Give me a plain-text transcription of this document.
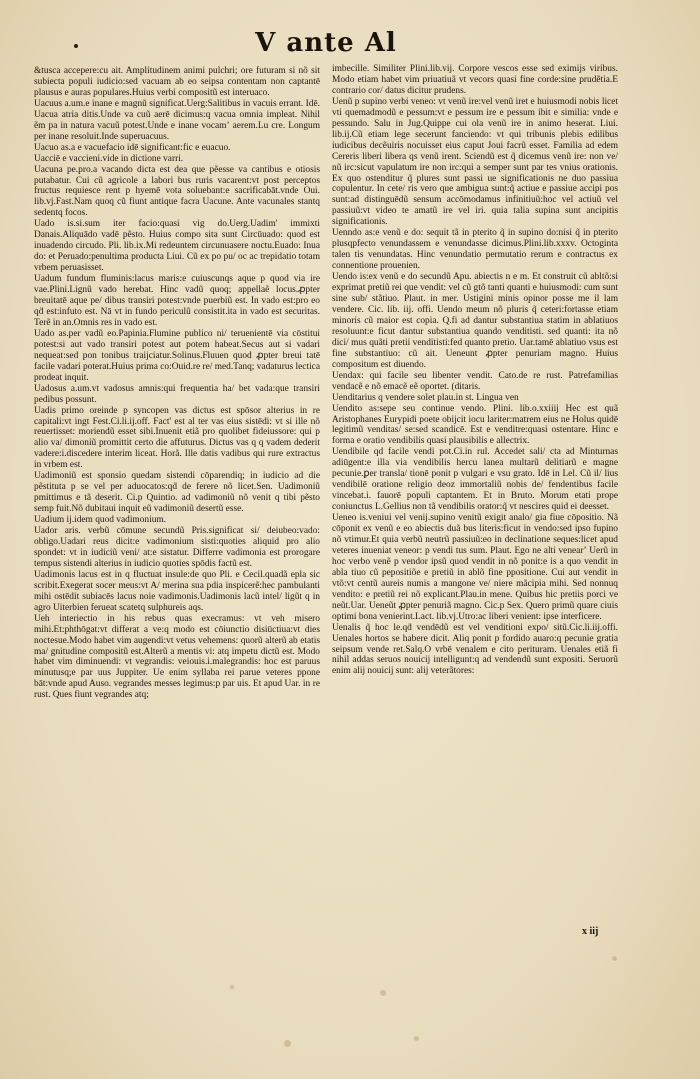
V ante Al

&tusca accepere:cu ait. Amplitudinem animi pulchri; ore futuram si nõ sit subiecta populi iudicio:sed vacuam ab eo seipsa contentam non captantē plausus e auras populares.Huius verbi compositũ est interuaco.

Uacuus a.um.e inane e magnũ significat.Uerg:Salitibus in vacuis errant. Idē. Uacua atria ditis.Unde va cuũ aerē dicimus:q vacua omnia impleat. Nihil ẽm pa in natura vacuũ potest.Unde e inane vocamʼ aerem.Lu cre. Longum per inane resoluit.Inde superuacuus.

Uacuo as.a e vacuefacio idē significant:fic e euacuo.

Uacciē e vaccieni.vide in dictione varri.

Uacuna pe.pro.a vacando dicta est dea que pẽesse va cantibus e otiosis putabatur. Cui cũ agricole a labori bus ruris vacarent:vt post perceptos fructus requiesce rent p hyemē vota soluebant:e sacrificabāt.vnde Oui. lib.vj.Fast.Nam quoq cũ fiunt antique facra Uacune. Ante vacunales stantq sedentq focos.

Uado is.si.sum iter facio:quasi vig do.Uerg.Uadim' immixti Danais.Aliquādo vadē pẽsto. Huius compo sita sunt Circūuado: quod est inuadendo circudo. Pli. lib.ix.Mi redeuntem circunuasere noctu.Euado: Inua do: et Peruado:penultima producta Liui. Cũ ex po pu/ oc ac trepidatio totam vrbem peruasisset.

Uadum fundum fluminis:lacus maris:e cuiuscunqs aque p quod via ire vae.Plini.Lignũ vado herebat. Hinc vadũ quoq; appellaẽ locus.ꝓpter breuitatē aque pe/ dibus transiri potest:vnde puerbiũ est. In vado est:pro eo qḋ est:infuto est. Nā vt in fundo periculũ consistit.ita in vado est securitas. Terẽ in an.Omnis res in vado est.

Uado as.per vadũ eo.Papinia.Flumine publico ni/ teruenientē via cōstitui potest:si aut vado transiri potest aut potem habeat.Secus aut si vadari nequeat:sed pon tonibus traijciatur.Solinus.Fluuen quod ꝓpter breui tatē facile vadari poterat.Huius prima co:Ouid.re re/ med.Tanq; vadaturus lectica prodeat inquit.

Uadosus a.um.vt vadosus amnis:qui frequentia ha/ bet vada:que transiri pedibus possunt.

Uadis primo oreinde p syncopen vas dictus est spōsor alterius in re capitali:vt ingt Fest.Ci.li.ij.off. Fact' est al ter vas eius sistēdi: vt si ille nõ reuertisset: moriendũ esset sibi.Inuenit etiã pro quolibet fideiussore: qui p alio va/ dimoniũ promittit certo die affuturus. Dictus vas q q vadem dederit vadere:i.discedere interim liceat. Horã. Ille datis vadibus qui rure extractus in vrbem est.

Uadimoniũ est sponsio quedam sistendi cōparendiq; in iudicio ad die pẽstituta p se vel per aduocatos:qḋ de ferere nõ licet.Sen. Uadimoniũ pmittimus e tã deserit. Ci.p Quintio. ad vadimoniũ nõ venit q tibi pẽsto semp fuit.Nõ dubitaui inquit eũ vadimoniũ desertũ esse.

Uadium ij.idem quod vadimonium.

Uador aris. verbũ cōmune secundũ Pris.significat si/ deiubeo:vado: obligo.Uadari reus dicit:e vadimonium sisti:quoties aliquid pro alio spondet: vt in iudiciũ veni/ at:e sistatur. Differre vadimonia est prorogare tempus sistendi alterius in iudicio quoties spōdis factũ est.

Uadimonis lacus est in q fluctuat insule:de quo Pli. e Cecil.quadã epla sic scribit.Exegerat socer meus:vt A/ merina sua pdia inspicerẽ:hec pambulanti mihi ostēdit subiacēs lacus noie vadimonis.Uadimonis lacũ intel/ ligũt q in agro Uiterbien ferueat scatetq sulphureis aqs.

Ueh interiectio in his rebus quas execramus: vt veh misero mihi.Et:phthōgat:vt differat a ve:q modo est cōiunctio disiūctiua:vt dies noctesue.Modo habet vim augendi:vt vetus vehemens: quorũ alterũ ab etatis ma/ gnitudine compositũ est.Alterũ a mentis vi: atq impetu dictũ est. Modo habet vim diminuendi: vt vegrandis: veiouis.i.malegrandis: hoc est paruus minutusq;e par uus Juppiter. Ue enim syllaba rei parue veteres ppone bāt:vnde apud Auso. vegrandes messes legimus:p par uis. Et apud Uar. in re rust. Ques fiunt vegrandes atq;

imbecille. Similiter Plini.lib.vij. Corpore vescos esse sed eximijs viribus. Modo etiam habet vim priuatiuã vt vecors quasi fine corde:sine prudẽtia.E contrario cor/ datus dicitur prudens.

Uenũ p supino verbi veneo: vt venũ ire:vel venũ iret e huiusmodi nobis licet vti quemadmodũ e pessum:vt e pessum ire e pessum ibit e similia: vnde e pessundo. Salu in Jug.Quippe cui ola venũ ire in animo heserat. Liui. lib.ij.Cũ etiam lege secerunt fanciendo: vt qui tribunis plebis edilibus iudicibus decẽuiris nocuisset eius caput Joui facrũ esset. Familia ad edem Cereris liberi libera qs venũ irent. Sciendũ est q̃ dicemus venũ ire: non ve/ nũ irc:sicut vapulatum ire non irc:qui a semper sunt par tes vnius orationis. Ex quo ostenditur q̃ plures sunt passi ue significationis ne duo passiua copulentur. In cete/ ris vero que ambigua sunt:q̃ actiue e passiue accipi pos sunt:ad distinguēdũ sensum accōmodamus infinitiuũ:hoc vel actiuũ vel passiuũ:vt video te amatũ ire vel iri. quia talia supina sunt ancipitis significationis.

Uenndo as:e venũ e do: sequit tã in pterito q̃ in supino do:nisi q̃ in pterito plusqpfecto venundassem e venundasse dicimus.Plini.lib.xxxv. Octoginta talen tis venundatas. Hinc venundatio permutatio rerum e contractus ex connentione prouenien.

Uendo is:ex venũ e do secundũ Apu. abiectis n e m. Et construit cũ abltõ:si exprimat pretiũ rei que vendit: vel cũ gtõ tanti quanti e huiusmodi: cum sunt sine sub/ stãtiuo. Plaut. in mer. Ustigini minis opinor posse me il lam vendere. Cic. lib. iij. offi. Uendo meum nõ pluris q̃ ceteri:fortasse etiam minoris cũ maior est copia. Q.fi ad dantur substantiua statim in ablatiuos resoluunt:e ficut dantur substantiua quando venditisti. sed quanti: ita nõ dici/ mus quãti pretii venditisti:fed quanto pretio. Uar.tamē ablatiuo vsus est fine substantiuo: cũ ait. Ueneunt ꝓpter penuriam magno. Huius compositum est diuendo.

Uendax: qui facile seu libenter vendit. Cato.de re rust. Patrefamilias vendacẽ e nõ emacẽ eẽ oportet. (ditaris.

Uenditarius q vendere solet plau.in st. Lingua ven

Uendito as:sepe seu continue vendo. Plini. lib.o.xxiiij Hec est quã Aristophanes Eurypidi poete obijcit iocu lariter:matrem eius ne Holus quidē legitimũ venditas/ se:sed scandicē. Est e venditre:quasi ostentare. Hinc e forma e oratio vendibilis quasi plausibilis e allectrix.

Uendibile qd facile vendi pot.Ci.in rul. Accedet sali/ cta ad Minturnas adiūgent:e illa via vendibilis hercu lanea multarũ delitiarũ e magne pecunie.ꝑer transla/ tionē ponit p vulgari e vsu grato. Idē in Lel. Cũ il/ lius vendibilē oratione religio deoz immortaliũ nobis de/ fendentibus facile vincebat.i. fauorē populi captantem. Et in Bruto. Morum etati prope coniunctus L.Gellius non tã vendibilis orator:q̃ vt nescires quid ei deesset.

Ueneo is.veniui vel venij.supino venitũ exigit analo/ gia fiue cōpositio. Nã cōponit ex venũ e eo abiectis duã bus literis:ficut in vendo:sed ipso fupino nõ vtimur.Et quia verbũ neutrũ passiuũ:eo in declinatione seques:licet apud veteres inueniat veneor: p vendi tus sum. Plaut. Ego ne alti venearʼ Uerũ in hoc verbo venẽ p vendor ipsũ quod vendit in nõ ponit:e is a quo vendit in abla tiuo cũ pepositiõe e pretiũ in ablõ fine ppositione. Cui aut vendit in vtõ:vt centũ aureis numis a mangone ve/ niere mãcipia mihi. Sed nonnuq vendito: e pretiũ rei nõ explicant.Plau.in mene. Quibus hic pretiis porci ve neũt.Uar. Ueneũt ꝓpter penuriã magno. Cic.p Sex. Quero primũ quare ciuis optimi bona venierint.Lact. lib.vj.Utro:ac liberi venient: ipse interficere.

Uenalis q̃ hoc le.qḋ vendēdũ est vel venditioni expo/ sitũ.Cic.li.iij.offi. Uenales hortos se habere dicit. Aliq ponit p fordido auaro:q pecunie gratia seipsum vende ret.Salq.O vrbē venalem e cito perituram. Uenales etiã fi nihil addas seruos nouicij intelligunt:q ad vendendũ sunt expositi. Seruorũ enim alij nouicij sunt: alij veterãtores:

x iij
